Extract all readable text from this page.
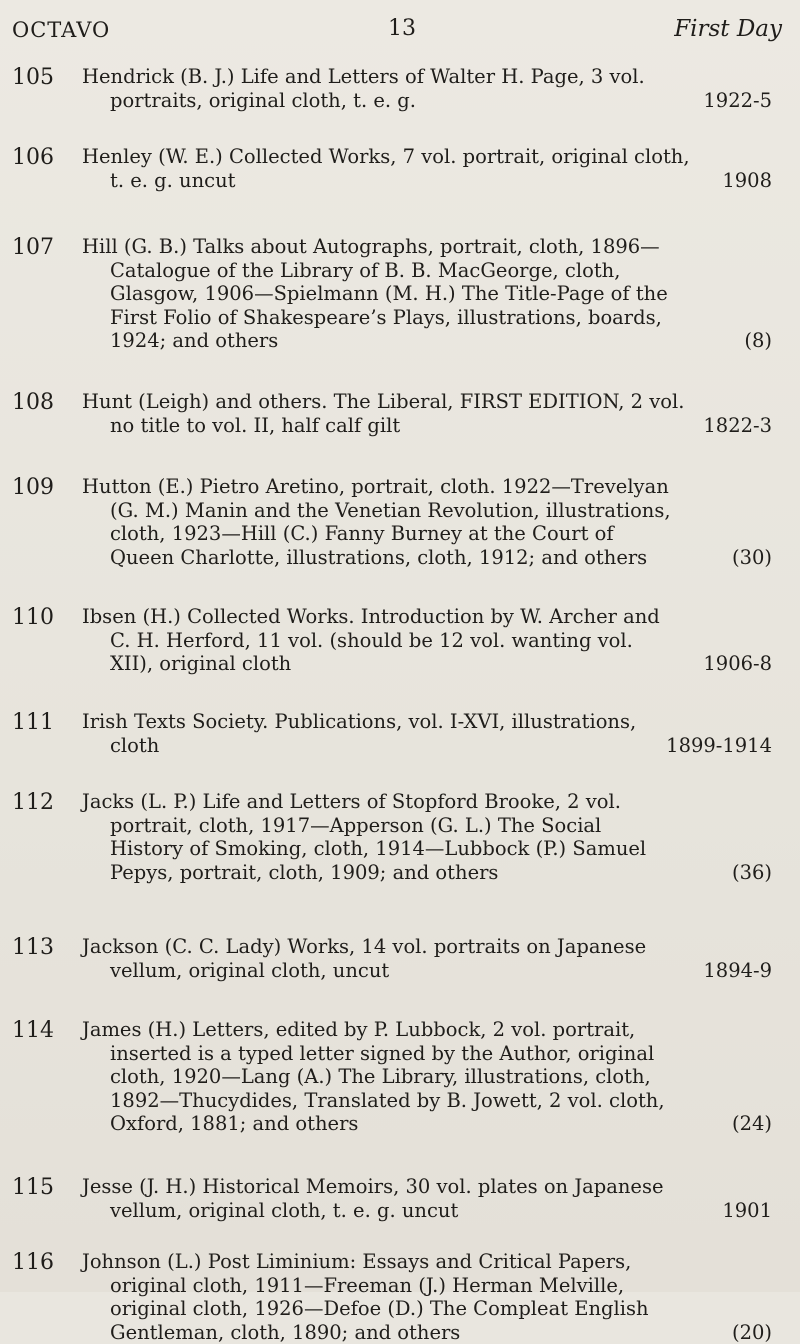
OCTAVO	13	First Day
105	Hendrick (B. J.) Life and Letters of Walter H. Page, 3 vol.
portraits, original cloth, t. e. g.	1922-5
106	Henley (W. E.) Collected Works, 7 vol. portrait, original cloth,
t. e. g. uncut	1908
107	Hill (G. B.) Talks about Autographs, portrait, cloth, 1896—
Catalogue of the Library of B. B. MacGeorge, cloth,
Glasgow, 1906—Spielmann (M. H.) The Title-Page of the
First Folio of Shakespeare’s Plays, illustrations, boards,
1924; and others	(8)
108	Hunt (Leigh) and others. The Liberal, FIRST EDITION, 2 vol.
no title to vol. II, half calf gilt	1822-3
109	Hutton (E.) Pietro Aretino, portrait, cloth. 1922—Trevelyan
(G. M.) Manin and the Venetian Revolution, illustrations,
cloth, 1923—Hill (C.) Fanny Burney at the Court of
Queen Charlotte, illustrations, cloth, 1912; and others	(30)
110	Ibsen (H.) Collected Works. Introduction by W. Archer and
C. H. Herford, 11 vol. (should be 12 vol. wanting vol.
XII), original cloth	1906-8
111	Irish Texts Society. Publications, vol. I-XVI, illustrations,
cloth	1899-1914
112	Jacks (L. P.) Life and Letters of Stopford Brooke, 2 vol.
portrait, cloth, 1917—Apperson (G. L.) The Social
History of Smoking, cloth, 1914—Lubbock (P.) Samuel
Pepys, portrait, cloth, 1909; and others	(36)
113	Jackson (C. C. Lady) Works, 14 vol. portraits on Japanese
vellum, original cloth, uncut	1894-9
114	James (H.) Letters, edited by P. Lubbock, 2 vol. portrait,
inserted is a typed letter signed by the Author, original
cloth, 1920—Lang (A.) The Library, illustrations, cloth,
1892—Thucydides, Translated by B. Jowett, 2 vol. cloth,
Oxford, 1881; and others	(24)
115	Jesse (J. H.) Historical Memoirs, 30 vol. plates on Japanese
vellum, original cloth, t. e. g. uncut	1901
116	Johnson (L.) Post Liminium: Essays and Critical Papers,
original cloth, 1911—Freeman (J.) Herman Melville,
original cloth, 1926—Defoe (D.) The Compleat English
Gentleman, cloth, 1890; and others	(20)
